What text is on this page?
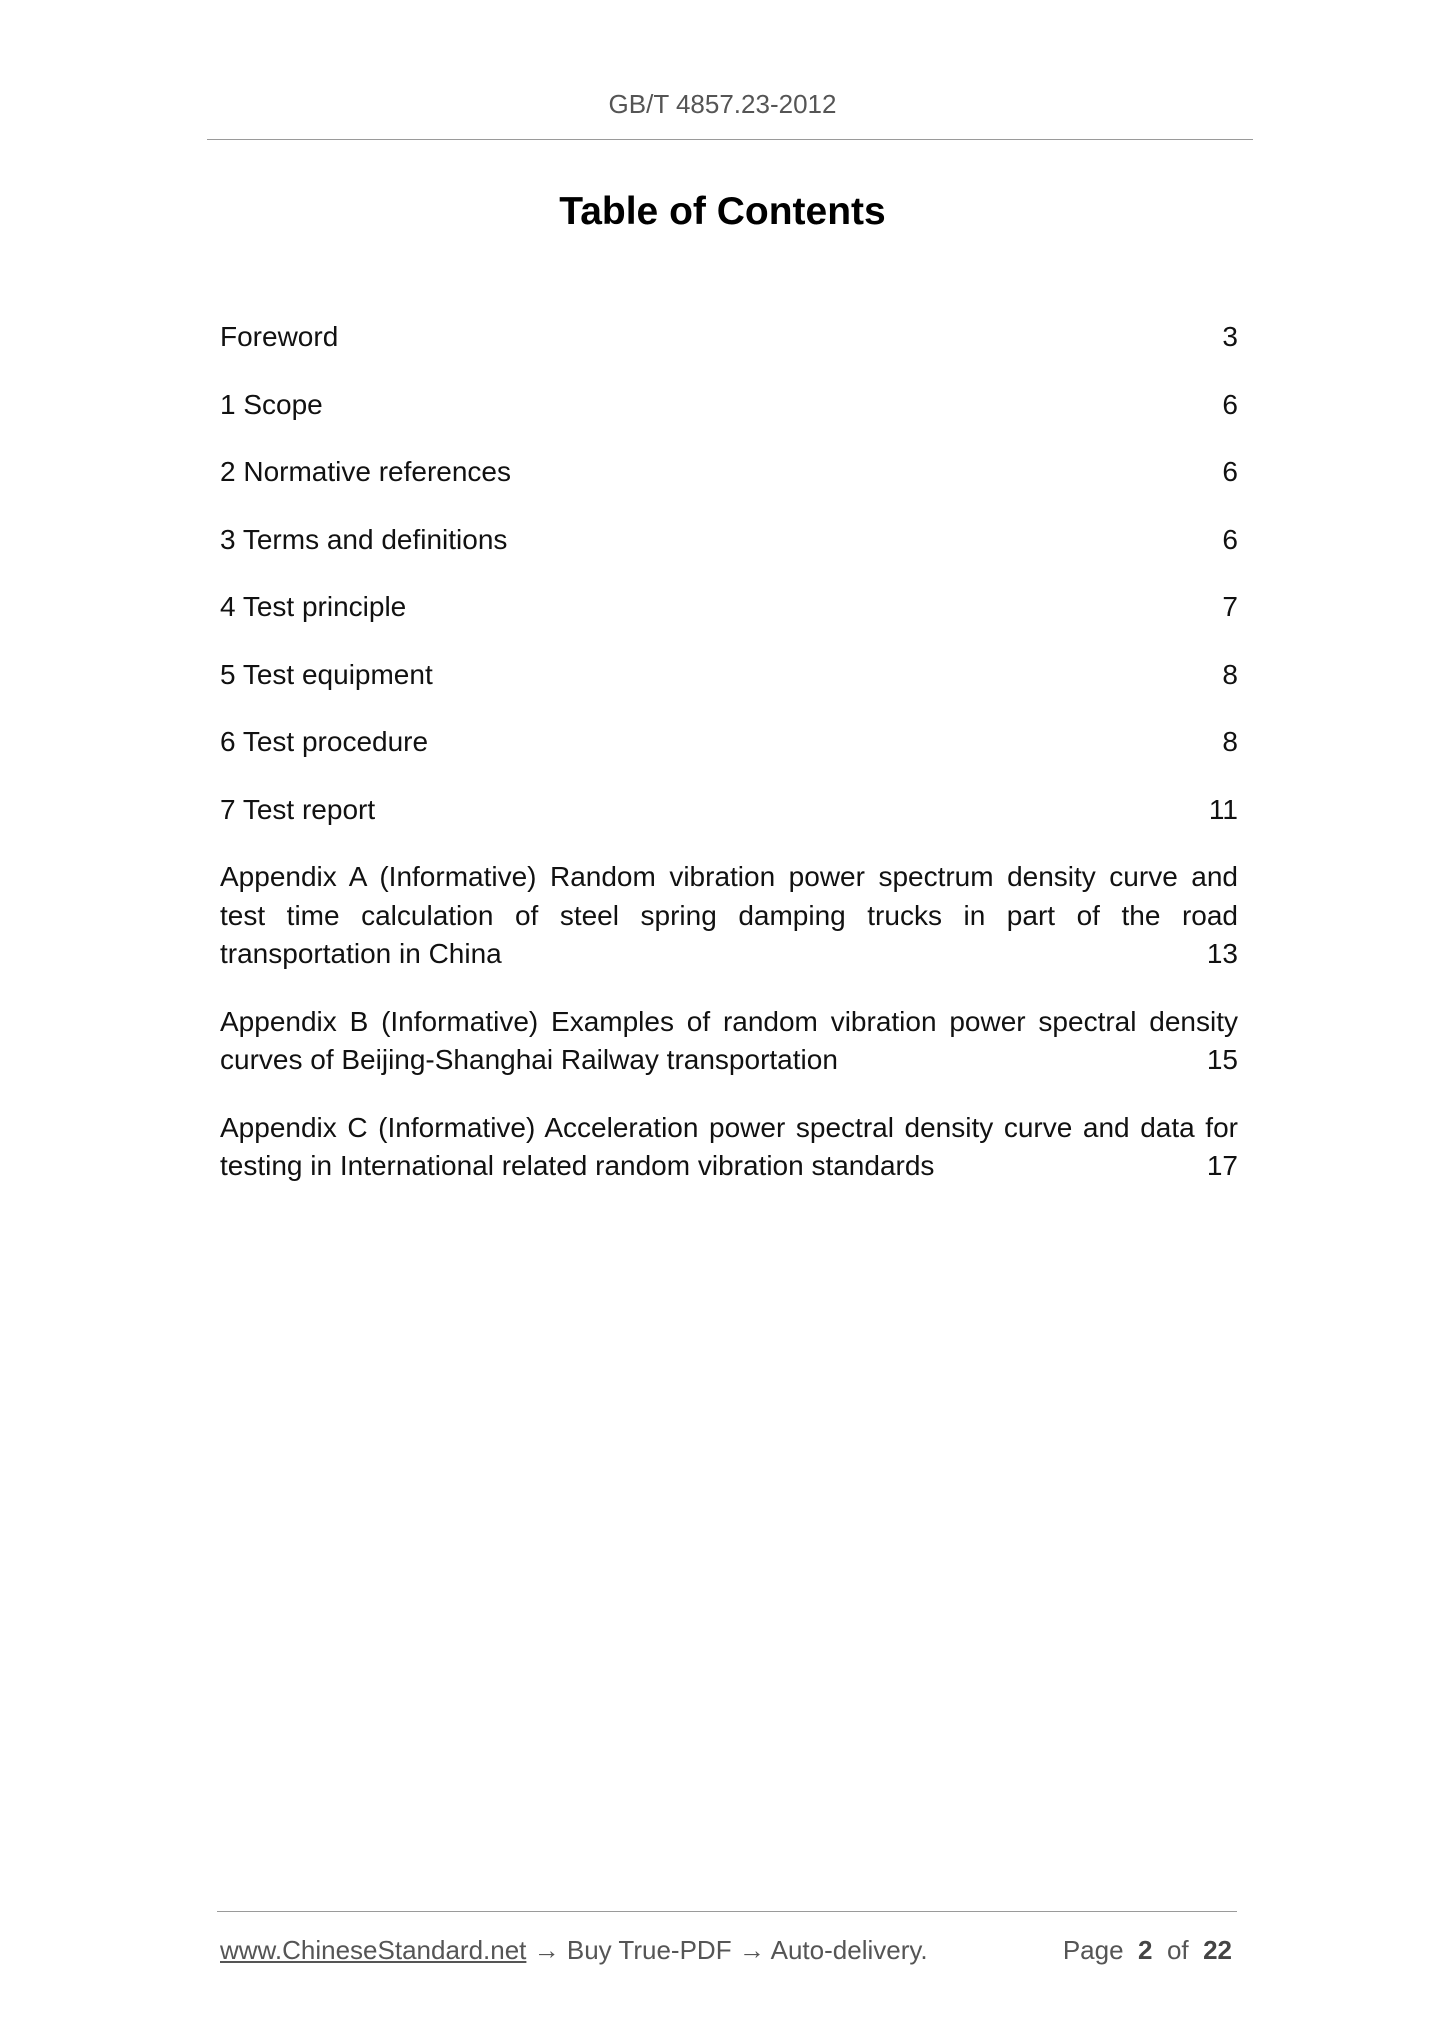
GB/T 4857.23-2012
Table of Contents
Foreword	3
1 Scope	6
2 Normative references	6
3 Terms and definitions	6
4 Test principle	7
5 Test equipment	8
6 Test procedure	8
7 Test report	11
Appendix A (Informative) Random vibration power spectrum density curve and test time calculation of steel spring damping trucks in part of the road transportation in China	13
Appendix B (Informative) Examples of random vibration power spectral density curves of Beijing-Shanghai Railway transportation	15
Appendix C (Informative) Acceleration power spectral density curve and data for testing in International related random vibration standards	17
www.ChineseStandard.net → Buy True-PDF → Auto-delivery.	Page 2 of 22
